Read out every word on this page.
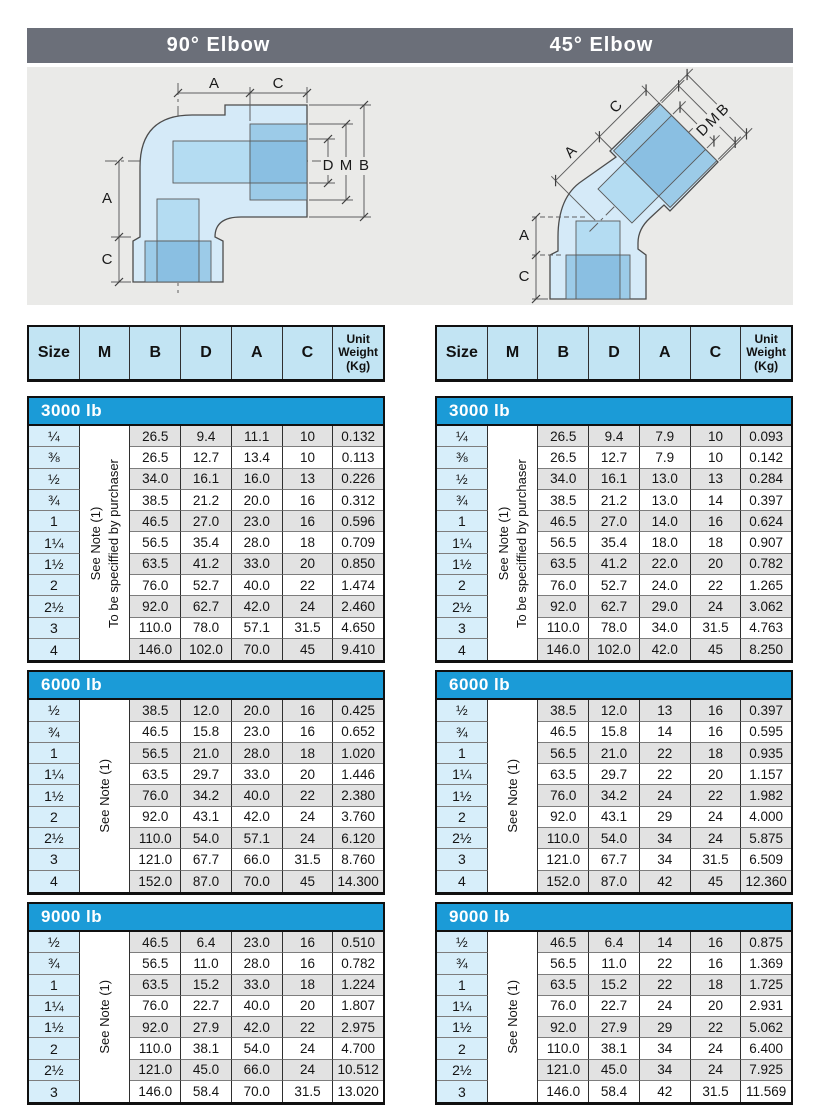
90° Elbow	45° Elbow
A	C
D M B
A
C
A
C
D
M
B
A
C
Size	M	B	D	A	C
Unit
Weight
(Kg)
3000 lb
¼	26.5	9.4	11.1	10	0.132
⅜	26.5	12.7	13.4	10	0.113
½	34.0	16.1	16.0	13	0.226
¾	38.5	21.2	20.0	16	0.312
1	46.5	27.0	23.0	16	0.596
1¼	56.5	35.4	28.0	18	0.709
1½	63.5	41.2	33.0	20	0.850
2	76.0	52.7	40.0	22	1.474
2½	92.0	62.7	42.0	24	2.460
3	110.0	78.0	57.1	31.5	4.650
4	146.0	102.0	70.0	45	9.410
See Note (1) To be speciffied by purchaser
6000 lb
½	38.5	12.0	20.0	16	0.425
¾	46.5	15.8	23.0	16	0.652
1	56.5	21.0	28.0	18	1.020
1¼	63.5	29.7	33.0	20	1.446
1½	76.0	34.2	40.0	22	2.380
2	92.0	43.1	42.0	24	3.760
2½	110.0	54.0	57.1	24	6.120
3	121.0	67.7	66.0	31.5	8.760
4	152.0	87.0	70.0	45	14.300
See Note (1)
9000 lb
½	46.5	6.4	23.0	16	0.510
¾	56.5	11.0	28.0	16	0.782
1	63.5	15.2	33.0	18	1.224
1¼	76.0	22.7	40.0	20	1.807
1½	92.0	27.9	42.0	22	2.975
2	110.0	38.1	54.0	24	4.700
2½	121.0	45.0	66.0	24	10.512
3	146.0	58.4	70.0	31.5	13.020
See Note (1)
Size	M	B	D	A	C
Unit
Weight
(Kg)
3000 lb
¼	26.5	9.4	7.9	10	0.093
⅜	26.5	12.7	7.9	10	0.142
½	34.0	16.1	13.0	13	0.284
¾	38.5	21.2	13.0	14	0.397
1	46.5	27.0	14.0	16	0.624
1¼	56.5	35.4	18.0	18	0.907
1½	63.5	41.2	22.0	20	0.782
2	76.0	52.7	24.0	22	1.265
2½	92.0	62.7	29.0	24	3.062
3	110.0	78.0	34.0	31.5	4.763
4	146.0	102.0	42.0	45	8.250
See Note (1) To be speciffied by purchaser
6000 lb
½	38.5	12.0	13	16	0.397
¾	46.5	15.8	14	16	0.595
1	56.5	21.0	22	18	0.935
1¼	63.5	29.7	22	20	1.157
1½	76.0	34.2	24	22	1.982
2	92.0	43.1	29	24	4.000
2½	110.0	54.0	34	24	5.875
3	121.0	67.7	34	31.5	6.509
4	152.0	87.0	42	45	12.360
See Note (1)
9000 lb
½	46.5	6.4	14	16	0.875
¾	56.5	11.0	22	16	1.369
1	63.5	15.2	22	18	1.725
1¼	76.0	22.7	24	20	2.931
1½	92.0	27.9	29	22	5.062
2	110.0	38.1	34	24	6.400
2½	121.0	45.0	34	24	7.925
3	146.0	58.4	42	31.5	11.569
See Note (1)
